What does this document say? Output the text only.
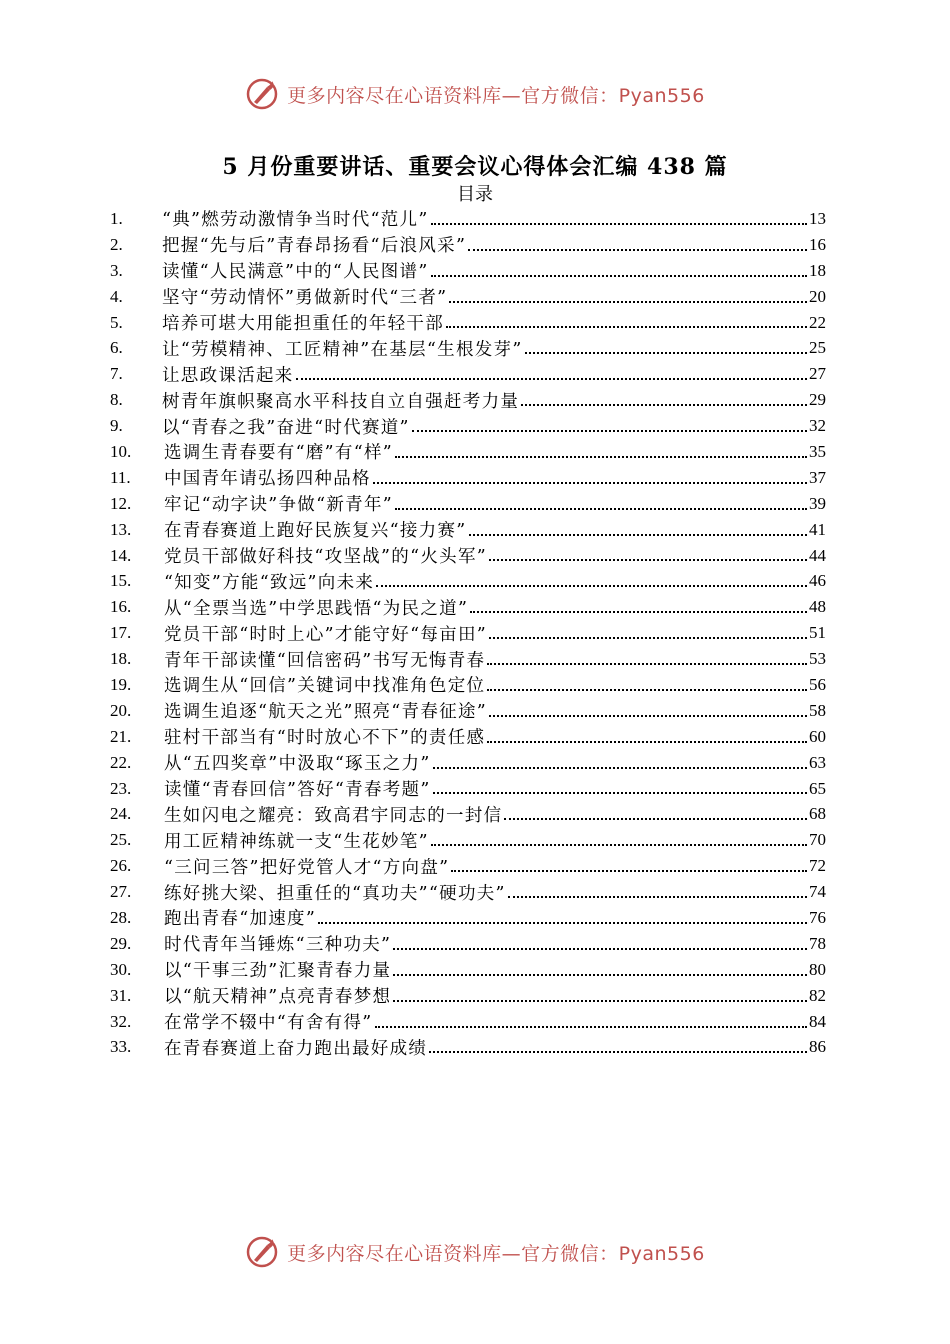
更多内容尽在心语资料库—官方微信：Pyan556
5 月份重要讲话、重要会议心得体会汇编 438 篇
目录
1.	“典”燃劳动激情争当时代“范儿”	13
2.	把握“先与后”青春昂扬看“后浪风采”	16
3.	读懂“人民满意”中的“人民图谱”	18
4.	坚守“劳动情怀”勇做新时代“三者”	20
5.	培养可堪大用能担重任的年轻干部	22
6.	让“劳模精神、工匠精神”在基层“生根发芽”	25
7.	让思政课活起来	27
8.	树青年旗帜聚高水平科技自立自强赶考力量	29
9.	以“青春之我”奋进“时代赛道”	32
10.	选调生青春要有“磨”有“样”	35
11.	中国青年请弘扬四种品格	37
12.	牢记“动字诀”争做“新青年”	39
13.	在青春赛道上跑好民族复兴“接力赛”	41
14.	党员干部做好科技“攻坚战”的“火头军”	44
15.	“知变”方能“致远”向未来	46
16.	从“全票当选”中学思践悟“为民之道”	48
17.	党员干部“时时上心”才能守好“每亩田”	51
18.	青年干部读懂“回信密码”书写无悔青春	53
19.	选调生从“回信”关键词中找准角色定位	56
20.	选调生追逐“航天之光”照亮“青春征途”	58
21.	驻村干部当有“时时放心不下”的责任感	60
22.	从“五四奖章”中汲取“琢玉之力”	63
23.	读懂“青春回信”答好“青春考题”	65
24.	生如闪电之耀亮：致高君宇同志的一封信	68
25.	用工匠精神练就一支“生花妙笔”	70
26.	“三问三答”把好党管人才“方向盘”	72
27.	练好挑大梁、担重任的“真功夫”“硬功夫”	74
28.	跑出青春“加速度”	76
29.	时代青年当锤炼“三种功夫”	78
30.	以“干事三劲”汇聚青春力量	80
31.	以“航天精神”点亮青春梦想	82
32.	在常学不辍中“有舍有得”	84
33.	在青春赛道上奋力跑出最好成绩	86
更多内容尽在心语资料库—官方微信：Pyan556
